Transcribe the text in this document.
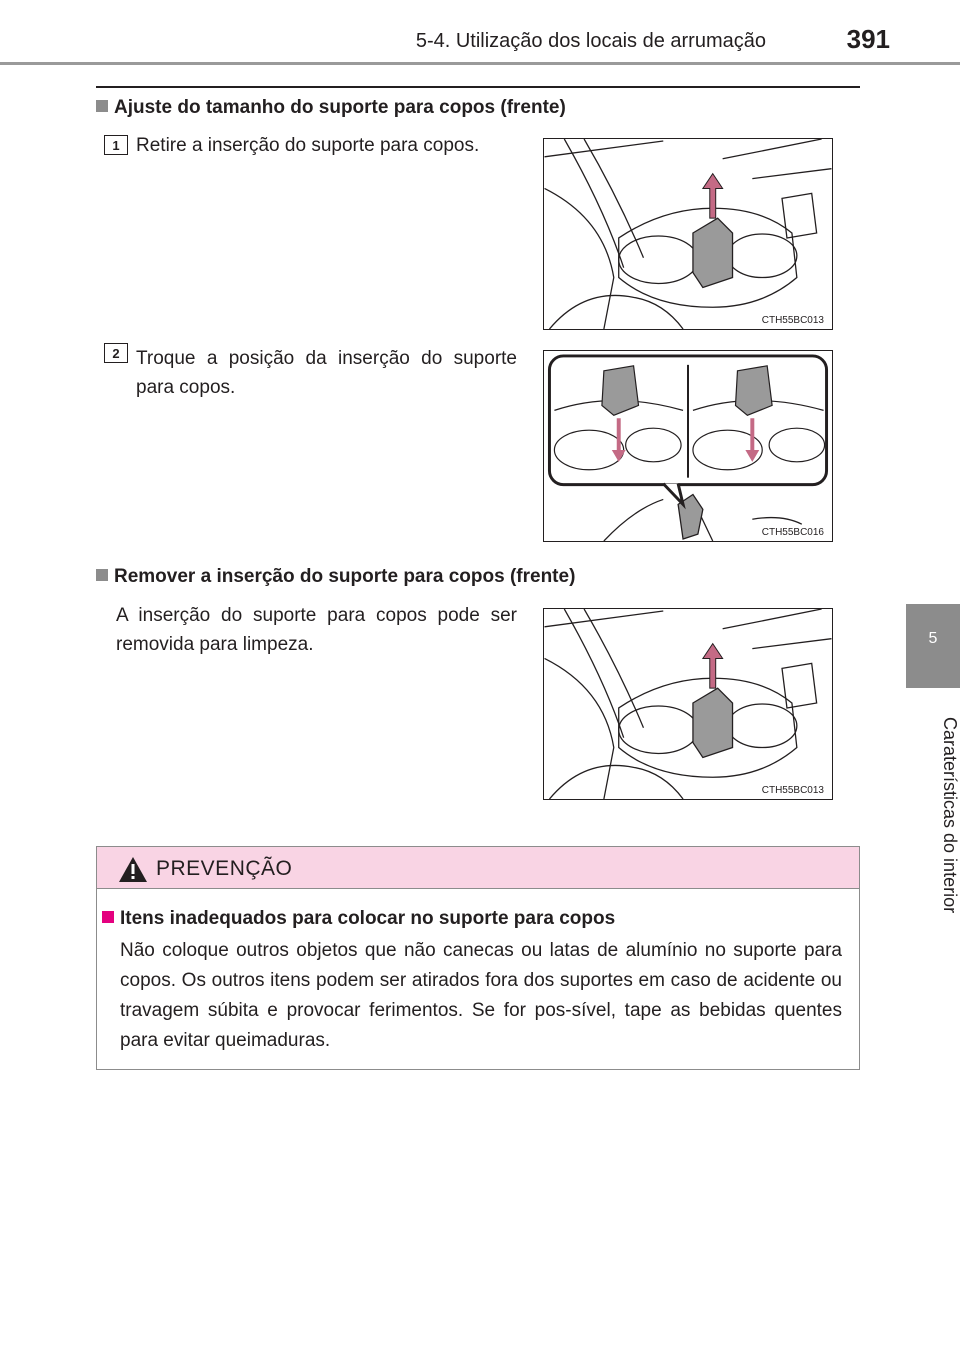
5-4. Utilização dos locais de arrumação	391
5
Caraterísticas do interior
Ajuste do tamanho do suporte para copos (frente)
1 Retire a inserção do suporte para copos.
CTH55BC013
2 Troque a posição da inserção do suporte para copos.
CTH55BC016
Remover a inserção do suporte para copos (frente)
A inserção do suporte para copos pode ser removida para limpeza.
CTH55BC013
PREVENÇÃO
Itens inadequados para colocar no suporte para copos
Não coloque outros objetos que não canecas ou latas de alumínio no suporte para copos. Os outros itens podem ser atirados fora dos suportes em caso de acidente ou travagem súbita e provocar ferimentos. Se for pos-sível, tape as bebidas quentes para evitar queimaduras.
